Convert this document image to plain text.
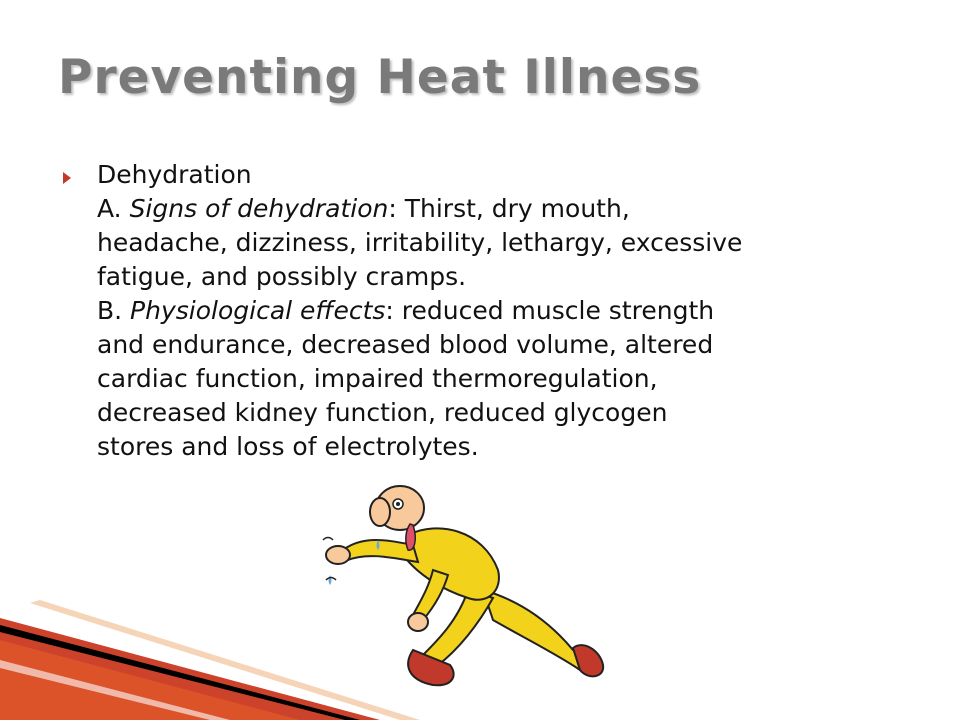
Preventing Heat Illness
Dehydration
A. Signs of dehydration: Thirst, dry mouth,
headache, dizziness, irritability, lethargy, excessive
fatigue, and possibly cramps.
B. Physiological effects: reduced muscle strength
and endurance, decreased blood volume, altered
cardiac function, impaired thermoregulation,
decreased kidney function, reduced glycogen
stores and loss of electrolytes.
